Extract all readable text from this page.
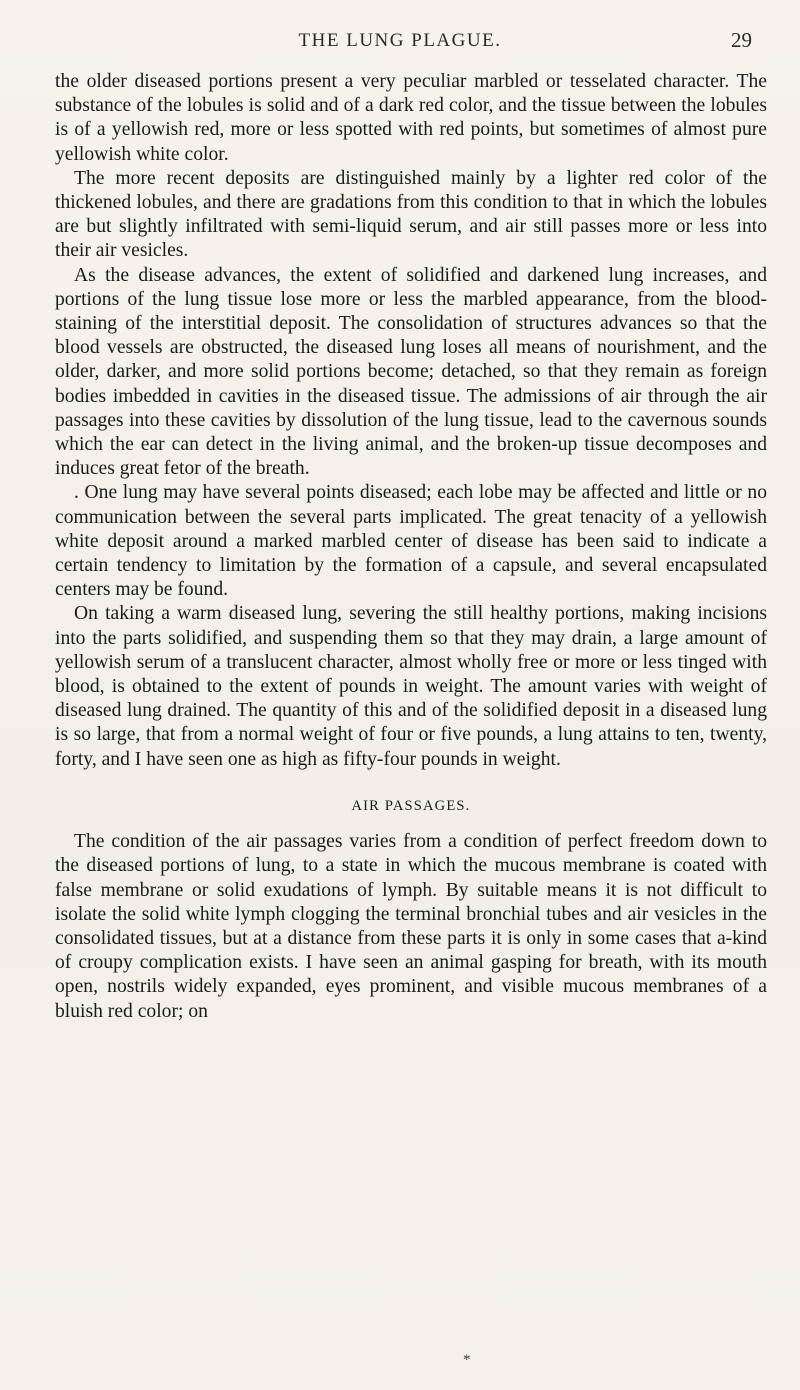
THE LUNG PLAGUE.	29

the older diseased portions present a very peculiar marbled or tesselated character. The substance of the lobules is solid and of a dark red color, and the tissue between the lobules is of a yellowish red, more or less spotted with red points, but sometimes of almost pure yellowish white color.

The more recent deposits are distinguished mainly by a lighter red color of the thickened lobules, and there are gradations from this condition to that in which the lobules are but slightly infiltrated with semi-liquid serum, and air still passes more or less into their air vesicles.

As the disease advances, the extent of solidified and darkened lung increases, and portions of the lung tissue lose more or less the marbled appearance, from the blood-staining of the interstitial deposit. The consolidation of structures advances so that the blood vessels are obstructed, the diseased lung loses all means of nourishment, and the older, darker, and more solid portions become; detached, so that they remain as foreign bodies imbedded in cavities in the diseased tissue. The admissions of air through the air passages into these cavities by dissolution of the lung tissue, lead to the cavernous sounds which the ear can detect in the living animal, and the broken-up tissue decomposes and induces great fetor of the breath.

. One lung may have several points diseased; each lobe may be affected and little or no communication between the several parts implicated. The great tenacity of a yellowish white deposit around a marked marbled center of disease has been said to indicate a certain tendency to limitation by the formation of a capsule, and several encapsulated centers may be found.

On taking a warm diseased lung, severing the still healthy portions, making incisions into the parts solidified, and suspending them so that they may drain, a large amount of yellowish serum of a translucent character, almost wholly free or more or less tinged with blood, is obtained to the extent of pounds in weight. The amount varies with weight of diseased lung drained. The quantity of this and of the solidified deposit in a diseased lung is so large, that from a normal weight of four or five pounds, a lung attains to ten, twenty, forty, and I have seen one as high as fifty-four pounds in weight.

AIR PASSAGES.

The condition of the air passages varies from a condition of perfect freedom down to the diseased portions of lung, to a state in which the mucous membrane is coated with false membrane or solid exudations of lymph. By suitable means it is not difficult to isolate the solid white lymph clogging the terminal bronchial tubes and air vesicles in the consolidated tissues, but at a distance from these parts it is only in some cases that a-kind of croupy complication exists. I have seen an animal gasping for breath, with its mouth open, nostrils widely expanded, eyes prominent, and visible mucous membranes of a bluish red color; on

*
